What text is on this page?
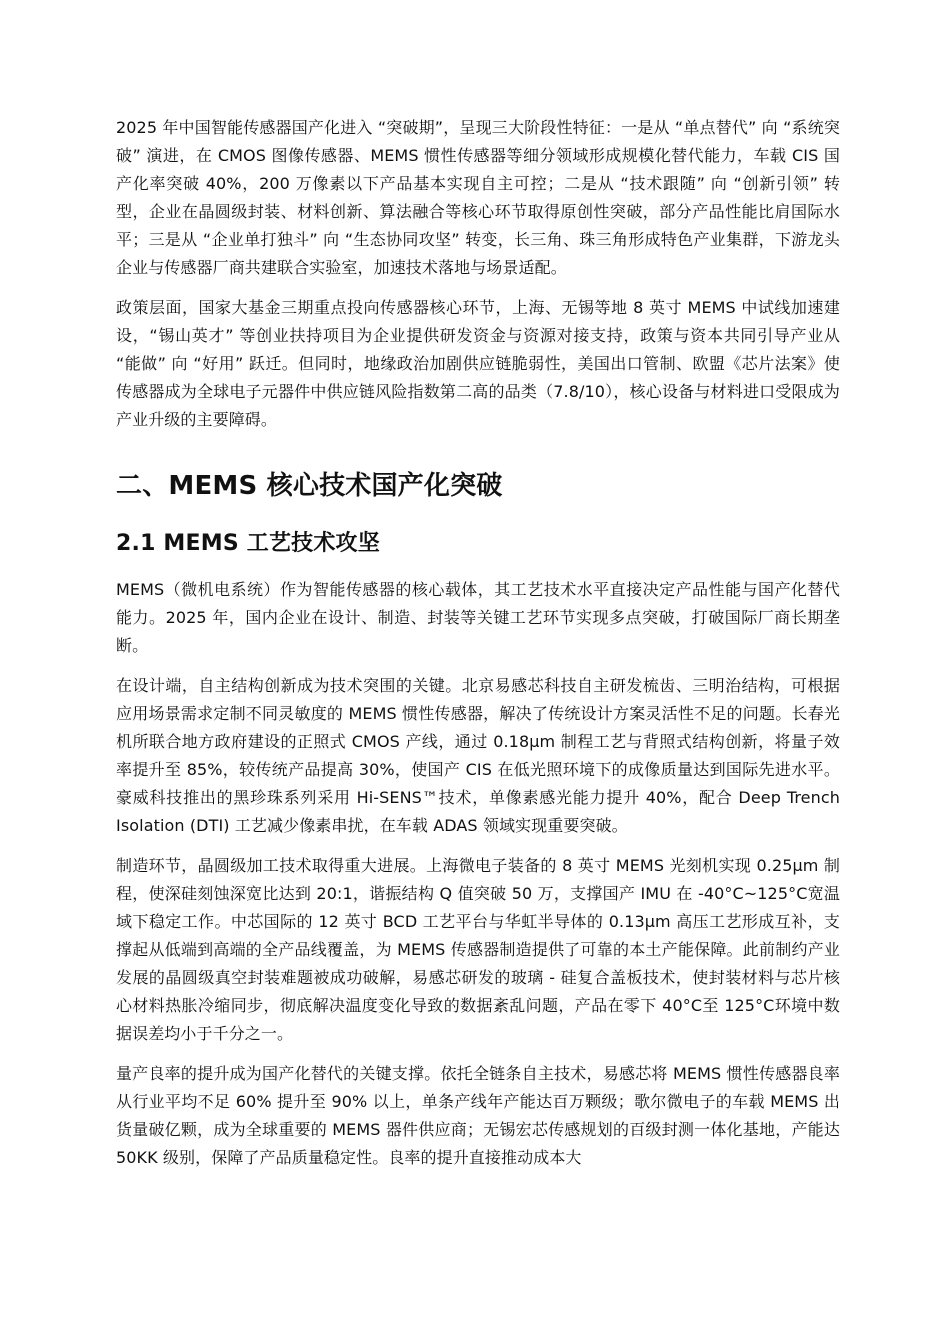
2025 年中国智能传感器国产化进入 “突破期”，呈现三大阶段性特征：一是从 “单点替代” 向 “系统突破” 演进，在 CMOS 图像传感器、MEMS 惯性传感器等细分领域形成规模化替代能力，车载 CIS 国产化率突破 40%，200 万像素以下产品基本实现自主可控；二是从 “技术跟随” 向 “创新引领” 转型，企业在晶圆级封装、材料创新、算法融合等核心环节取得原创性突破，部分产品性能比肩国际水平；三是从 “企业单打独斗” 向 “生态协同攻坚” 转变，长三角、珠三角形成特色产业集群，下游龙头企业与传感器厂商共建联合实验室，加速技术落地与场景适配。

政策层面，国家大基金三期重点投向传感器核心环节，上海、无锡等地 8 英寸 MEMS 中试线加速建设，“锡山英才” 等创业扶持项目为企业提供研发资金与资源对接支持，政策与资本共同引导产业从 “能做” 向 “好用” 跃迁。但同时，地缘政治加剧供应链脆弱性，美国出口管制、欧盟《芯片法案》使传感器成为全球电子元器件中供应链风险指数第二高的品类（7.8/10），核心设备与材料进口受限成为产业升级的主要障碍。

二、MEMS 核心技术国产化突破
2.1 MEMS 工艺技术攻坚

MEMS（微机电系统）作为智能传感器的核心载体，其工艺技术水平直接决定产品性能与国产化替代能力。2025 年，国内企业在设计、制造、封装等关键工艺环节实现多点突破，打破国际厂商长期垄断。

在设计端，自主结构创新成为技术突围的关键。北京易感芯科技自主研发梳齿、三明治结构，可根据应用场景需求定制不同灵敏度的 MEMS 惯性传感器，解决了传统设计方案灵活性不足的问题。长春光机所联合地方政府建设的正照式 CMOS 产线，通过 0.18μm 制程工艺与背照式结构创新，将量子效率提升至 85%，较传统产品提高 30%，使国产 CIS 在低光照环境下的成像质量达到国际先进水平。豪威科技推出的黑珍珠系列采用 Hi-SENS™技术，单像素感光能力提升 40%，配合 Deep Trench Isolation (DTI) 工艺减少像素串扰，在车载 ADAS 领域实现重要突破。

制造环节，晶圆级加工技术取得重大进展。上海微电子装备的 8 英寸 MEMS 光刻机实现 0.25μm 制程，使深硅刻蚀深宽比达到 20:1，谐振结构 Q 值突破 50 万，支撑国产 IMU 在 -40°C~125°C宽温域下稳定工作。中芯国际的 12 英寸 BCD 工艺平台与华虹半导体的 0.13μm 高压工艺形成互补，支撑起从低端到高端的全产品线覆盖，为 MEMS 传感器制造提供了可靠的本土产能保障。此前制约产业发展的晶圆级真空封装难题被成功破解，易感芯研发的玻璃 - 硅复合盖板技术，使封装材料与芯片核心材料热胀冷缩同步，彻底解决温度变化导致的数据紊乱问题，产品在零下 40°C至 125°C环境中数据误差均小于千分之一。

量产良率的提升成为国产化替代的关键支撑。依托全链条自主技术，易感芯将 MEMS 惯性传感器良率从行业平均不足 60% 提升至 90% 以上，单条产线年产能达百万颗级；歌尔微电子的车载 MEMS 出货量破亿颗，成为全球重要的 MEMS 器件供应商；无锡宏芯传感规划的百级封测一体化基地，产能达 50KK 级别，保障了产品质量稳定性。良率的提升直接推动成本大
